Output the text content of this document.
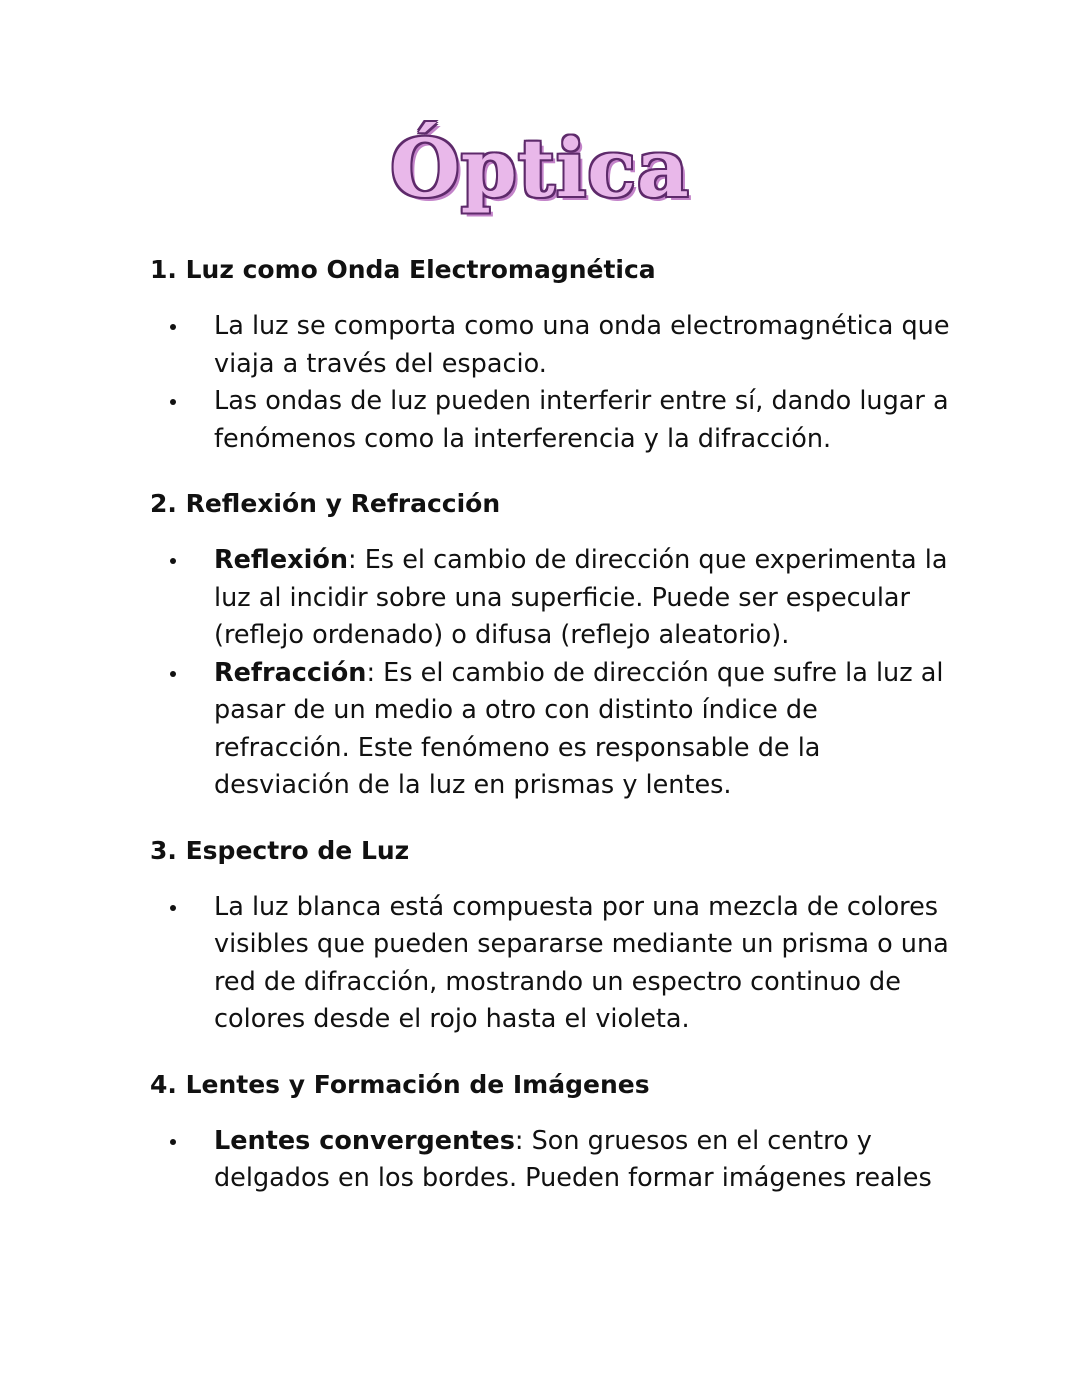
Óptica
1. Luz como Onda Electromagnética
La luz se comporta como una onda electromagnética que viaja a través del espacio.
Las ondas de luz pueden interferir entre sí, dando lugar a fenómenos como la interferencia y la difracción.
2. Reflexión y Refracción
Reflexión: Es el cambio de dirección que experimenta la luz al incidir sobre una superficie. Puede ser especular (reflejo ordenado) o difusa (reflejo aleatorio).
Refracción: Es el cambio de dirección que sufre la luz al pasar de un medio a otro con distinto índice de refracción. Este fenómeno es responsable de la desviación de la luz en prismas y lentes.
3. Espectro de Luz
La luz blanca está compuesta por una mezcla de colores visibles que pueden separarse mediante un prisma o una red de difracción, mostrando un espectro continuo de colores desde el rojo hasta el violeta.
4. Lentes y Formación de Imágenes
Lentes convergentes: Son gruesos en el centro y delgados en los bordes. Pueden formar imágenes reales
